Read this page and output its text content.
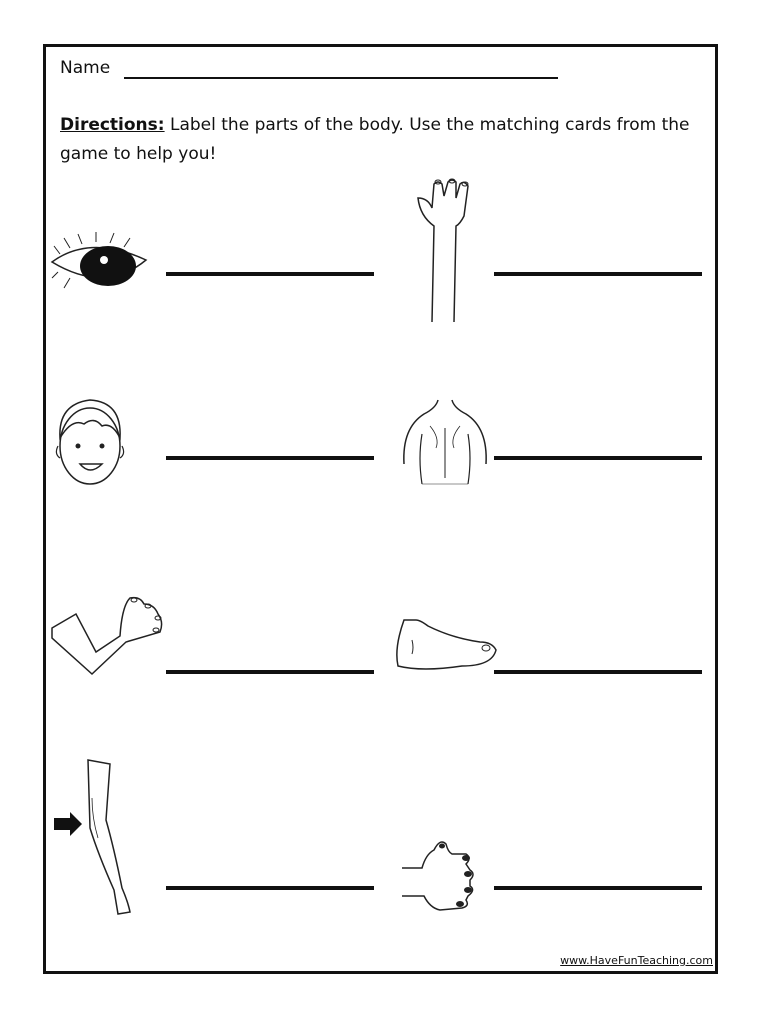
Name
Directions: Label the parts of the body. Use the matching cards from the game to help you!
www.HaveFunTeaching.com
